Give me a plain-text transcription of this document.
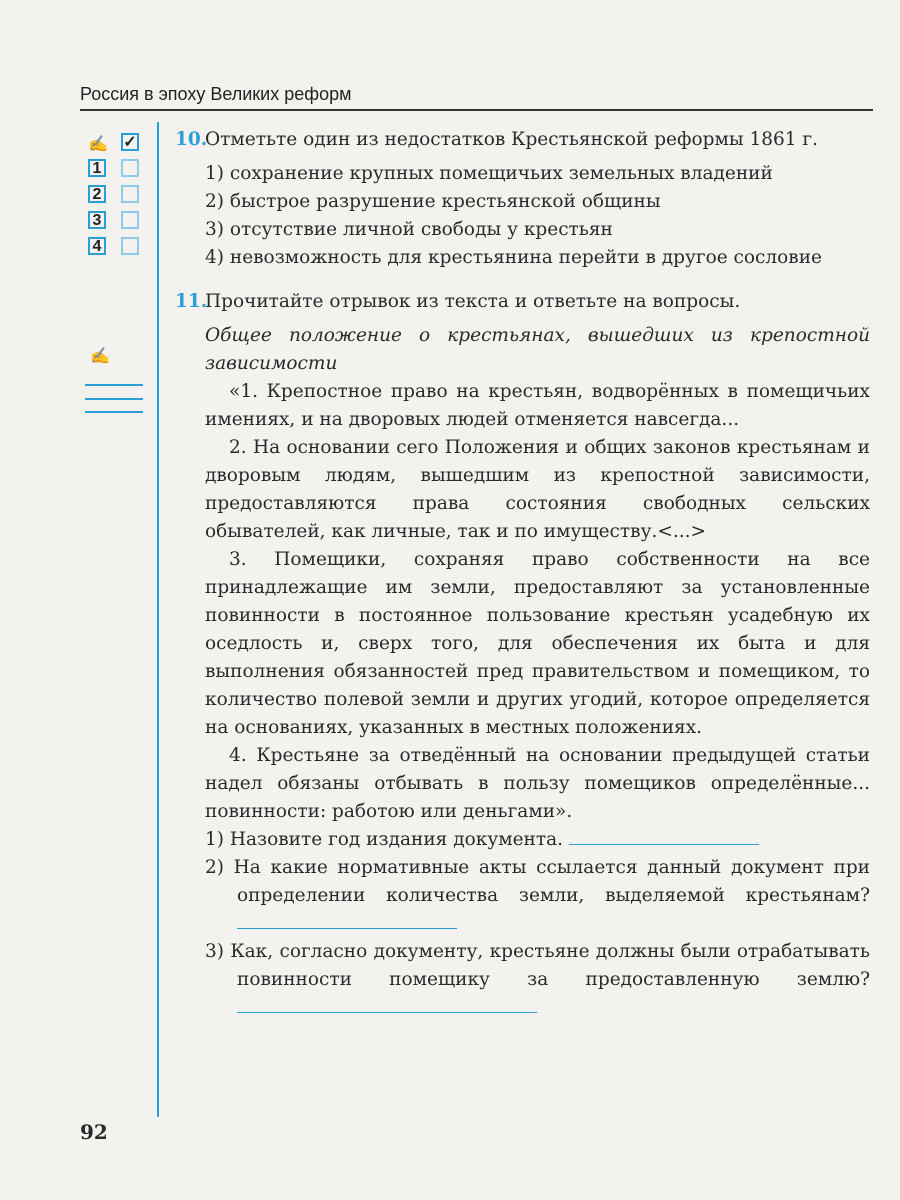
Россия в эпоху Великих реформ
✍ ✓
1
2
3
4
✍
10.

Отметьте один из недостатков Крестьянской реформы 1861 г.

1) сохранение крупных помещичьих земельных владений

2) быстрое разрушение крестьянской общины

3) отсутствие личной свободы у крестьян

4) невозможность для крестьянина перейти в другое сословие

11.

Прочитайте отрывок из текста и ответьте на вопросы.

Общее положение о крестьянах, вышедших из крепостной зависимости

«1. Крепостное право на крестьян, водворённых в помещичьих имениях, и на дворовых людей отменяется навсегда...

2. На основании сего Положения и общих законов крестьянам и дворовым людям, вышедшим из крепостной зависимости, предоставляются права состояния свободных сельских обывателей, как личные, так и по имуществу.<...>

3. Помещики, сохраняя право собственности на все принадлежащие им земли, предоставляют за установленные повинности в постоянное пользование крестьян усадебную их оседлость и, сверх того, для обеспечения их быта и для выполнения обязанностей пред правительством и помещиком, то количество полевой земли и других угодий, которое определяется на основаниях, указанных в местных положениях.

4. Крестьяне за отведённый на основании предыдущей статьи надел обязаны отбывать в пользу помещиков определённые... повинности: работою или деньгами».

1) Назовите год издания документа.

2) На какие нормативные акты ссылается данный документ при определении количества земли, выделяемой крестьянам?

3) Как, согласно документу, крестьяне должны были отрабатывать повинности помещику за предоставленную землю?

92
